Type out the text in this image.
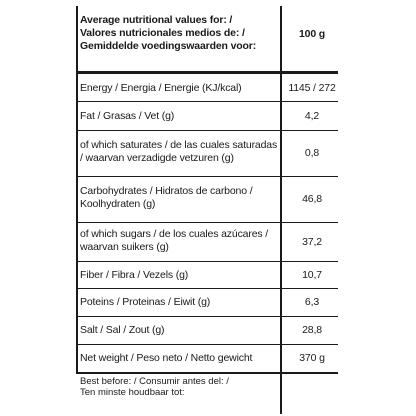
Average nutritional values for: /
Valores nutricionales medios de: /
Gemiddelde voedingswaarden voor:
100 g
Energy / Energia / Energie (KJ/kcal)	1145 / 272
Fat / Grasas / Vet (g)	4,2
of which saturates / de las cuales saturadas
/ waarvan verzadigde vetzuren (g)	0,8
Carbohydrates / Hidratos de carbono /
Koolhydraten (g)	46,8
of which sugars / de los cuales azúcares /
waarvan suikers (g)	37,2
Fiber / Fibra / Vezels (g)	10,7
Poteins / Proteinas / Eiwit (g)	6,3
Salt / Sal / Zout (g)	28,8
Net weight / Peso neto / Netto gewicht	370 g
Best before: / Consumir antes del: /
Ten minste houdbaar tot:
